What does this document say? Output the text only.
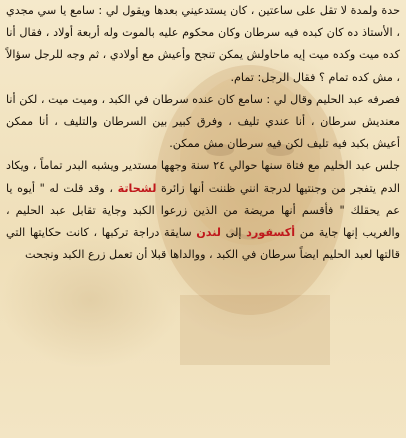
حدة ولمدة لا تقل على ساعتين ، كان يستدعيني بعدها ويقول لي : سامع يا سي مجدي ، الأستاذ ده كان كبده فيه سرطان وكان محكوم عليه بالموت وله أربعة أولاد ، فقال أنا كده ميت وكده ميت إيه ماحاولش يمكن تنجح وأعيش مع أولادي ، ثم وجه للرجل سؤالاً ، مش كده تمام ؟ فقال الرجل: تمام.

فصرفه عبد الحليم وقال لي : سامع كان عنده سرطان في الكبد ، وميت ميت ، لكن أنا معنديش سرطان ، أنا عندي تليف ، وفرق كبير بين السرطان والتليف ، أنا ممكن أعيش بكبد فيه تليف لكن فيه سرطان مش ممكن.

جلس عبد الحليم مع فتاة سنها حوالي ٢٤ سنة وجهها مستدير ويشبه البدر تماماً ، ويكاد الدم يتفجر من وجنتيها لدرجة انني ظننت أنها زائرة لشحاتة ، وقد قلت له " أيوه يا عم يحقلك " فأقسم أنها مريضة من الذين زرعوا الكبد وجاية تقابل عبد الحليم ، والغريب إنها جاية من أكسفورد إلى لندن سايقة دراجة تركبها ، كانت حكايتها التي قالتها لعبد الحليم ايضاً سرطان في الكبد ، ووالداها قبلا أن تعمل زرع الكبد ونجحت
